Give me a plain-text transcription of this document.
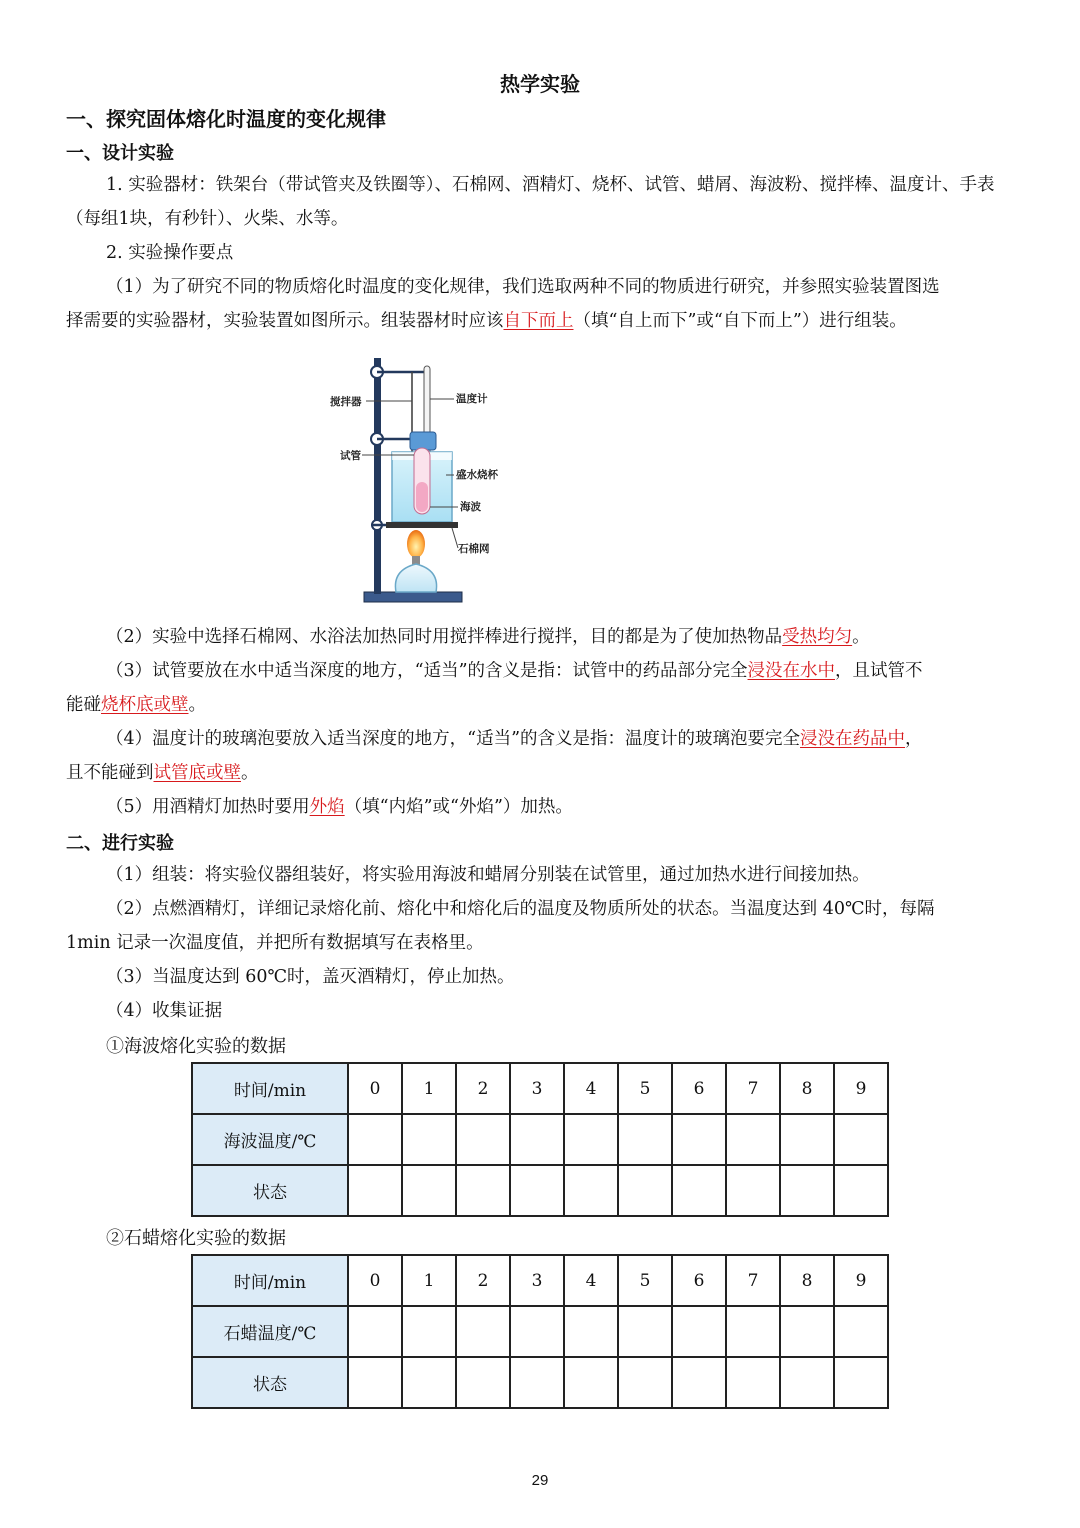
热学实验
一、探究固体熔化时温度的变化规律
一、设计实验
1. 实验器材：铁架台（带试管夹及铁圈等）、石棉网、酒精灯、烧杯、试管、蜡屑、海波粉、搅拌棒、温度计、手表
（每组1块，有秒针）、火柴、水等。
2. 实验操作要点
（1）为了研究不同的物质熔化时温度的变化规律，我们选取两种不同的物质进行研究，并参照实验装置图选
择需要的实验器材，实验装置如图所示。组装器材时应该自下而上（填“自上而下”或“自下而上”）进行组装。
搅拌器	温度计
试管
盛水烧杯
海波
石棉网
（2）实验中选择石棉网、水浴法加热同时用搅拌棒进行搅拌，目的都是为了使加热物品受热均匀。
（3）试管要放在水中适当深度的地方，“适当”的含义是指：试管中的药品部分完全浸没在水中，且试管不
能碰烧杯底或壁。
（4）温度计的玻璃泡要放入适当深度的地方，“适当”的含义是指：温度计的玻璃泡要完全浸没在药品中，
且不能碰到试管底或壁。
（5）用酒精灯加热时要用外焰（填“内焰”或“外焰”）加热。
二、进行实验
（1）组装：将实验仪器组装好，将实验用海波和蜡屑分别装在试管里，通过加热水进行间接加热。
（2）点燃酒精灯，详细记录熔化前、熔化中和熔化后的温度及物质所处的状态。当温度达到 40℃时，每隔
1min 记录一次温度值，并把所有数据填写在表格里。
（3）当温度达到 60℃时，盖灭酒精灯，停止加热。
（4）收集证据
①海波熔化实验的数据
时间/min	0	1	2	3	4	5	6	7	8	9
海波温度/℃										
状态										
②石蜡熔化实验的数据
时间/min	0	1	2	3	4	5	6	7	8	9
石蜡温度/℃										
状态										
29
